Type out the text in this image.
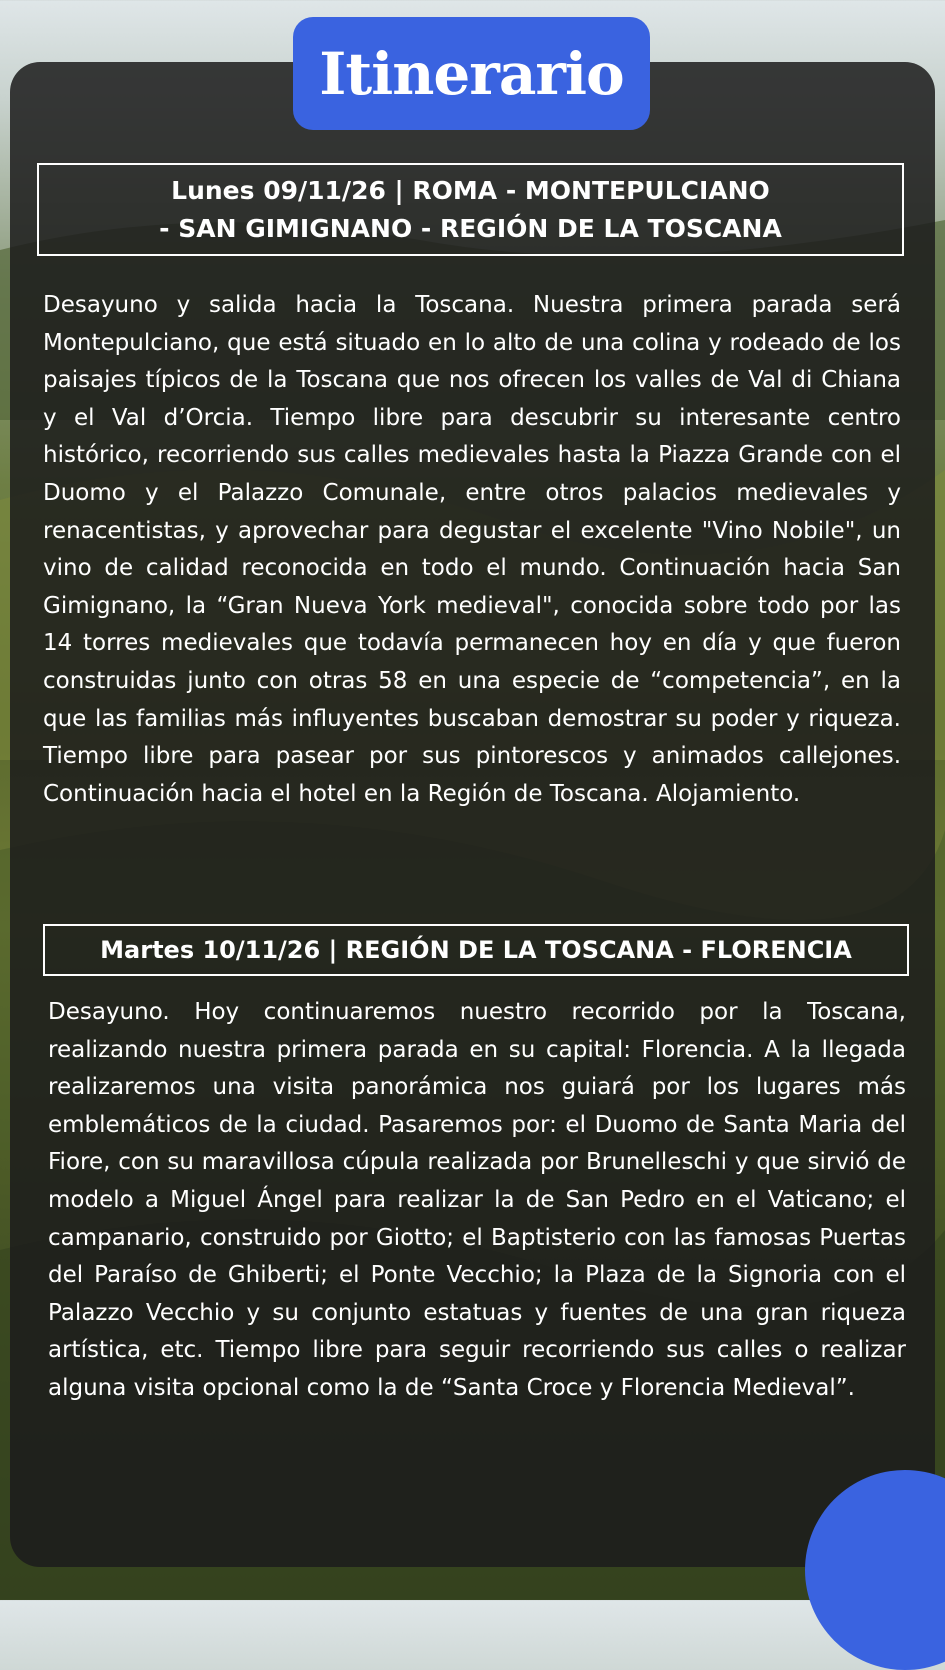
Itinerario
Lunes 09/11/26 | ROMA - MONTEPULCIANO
- SAN GIMIGNANO - REGIÓN DE LA TOSCANA

Desayuno y salida hacia la Toscana. Nuestra primera parada será Montepulciano, que está situado en lo alto de una colina y rodeado de los paisajes típicos de la Toscana que nos ofrecen los valles de Val di Chiana y el Val d’Orcia. Tiempo libre para descubrir su interesante centro histórico, recorriendo sus calles medievales hasta la Piazza Grande con el Duomo y el Palazzo Comunale, entre otros palacios medievales y renacentistas, y aprovechar para degustar el excelente "Vino Nobile", un vino de calidad reconocida en todo el mundo. Continuación hacia San Gimignano, la “Gran Nueva York medieval", conocida sobre todo por las 14 torres medievales que todavía permanecen hoy en día y que fueron construidas junto con otras 58 en una especie de “competencia”, en la que las familias más influyentes buscaban demostrar su poder y riqueza. Tiempo libre para pasear por sus pintorescos y animados callejones. Continuación hacia el hotel en la Región de Toscana. Alojamiento.

Martes 10/11/26 | REGIÓN DE LA TOSCANA - FLORENCIA

Desayuno. Hoy continuaremos nuestro recorrido por la Toscana, realizando nuestra primera parada en su capital: Florencia. A la llegada realizaremos una visita panorámica nos guiará por los lugares más emblemáticos de la ciudad. Pasaremos por: el Duomo de Santa Maria del Fiore, con su maravillosa cúpula realizada por Brunelleschi y que sirvió de modelo a Miguel Ángel para realizar la de San Pedro en el Vaticano; el campanario, construido por Giotto; el Baptisterio con las famosas Puertas del Paraíso de Ghiberti; el Ponte Vecchio; la Plaza de la Signoria con el Palazzo Vecchio y su conjunto estatuas y fuentes de una gran riqueza artística, etc. Tiempo libre para seguir recorriendo sus calles o realizar alguna visita opcional como la de “Santa Croce y Florencia Medieval”.
